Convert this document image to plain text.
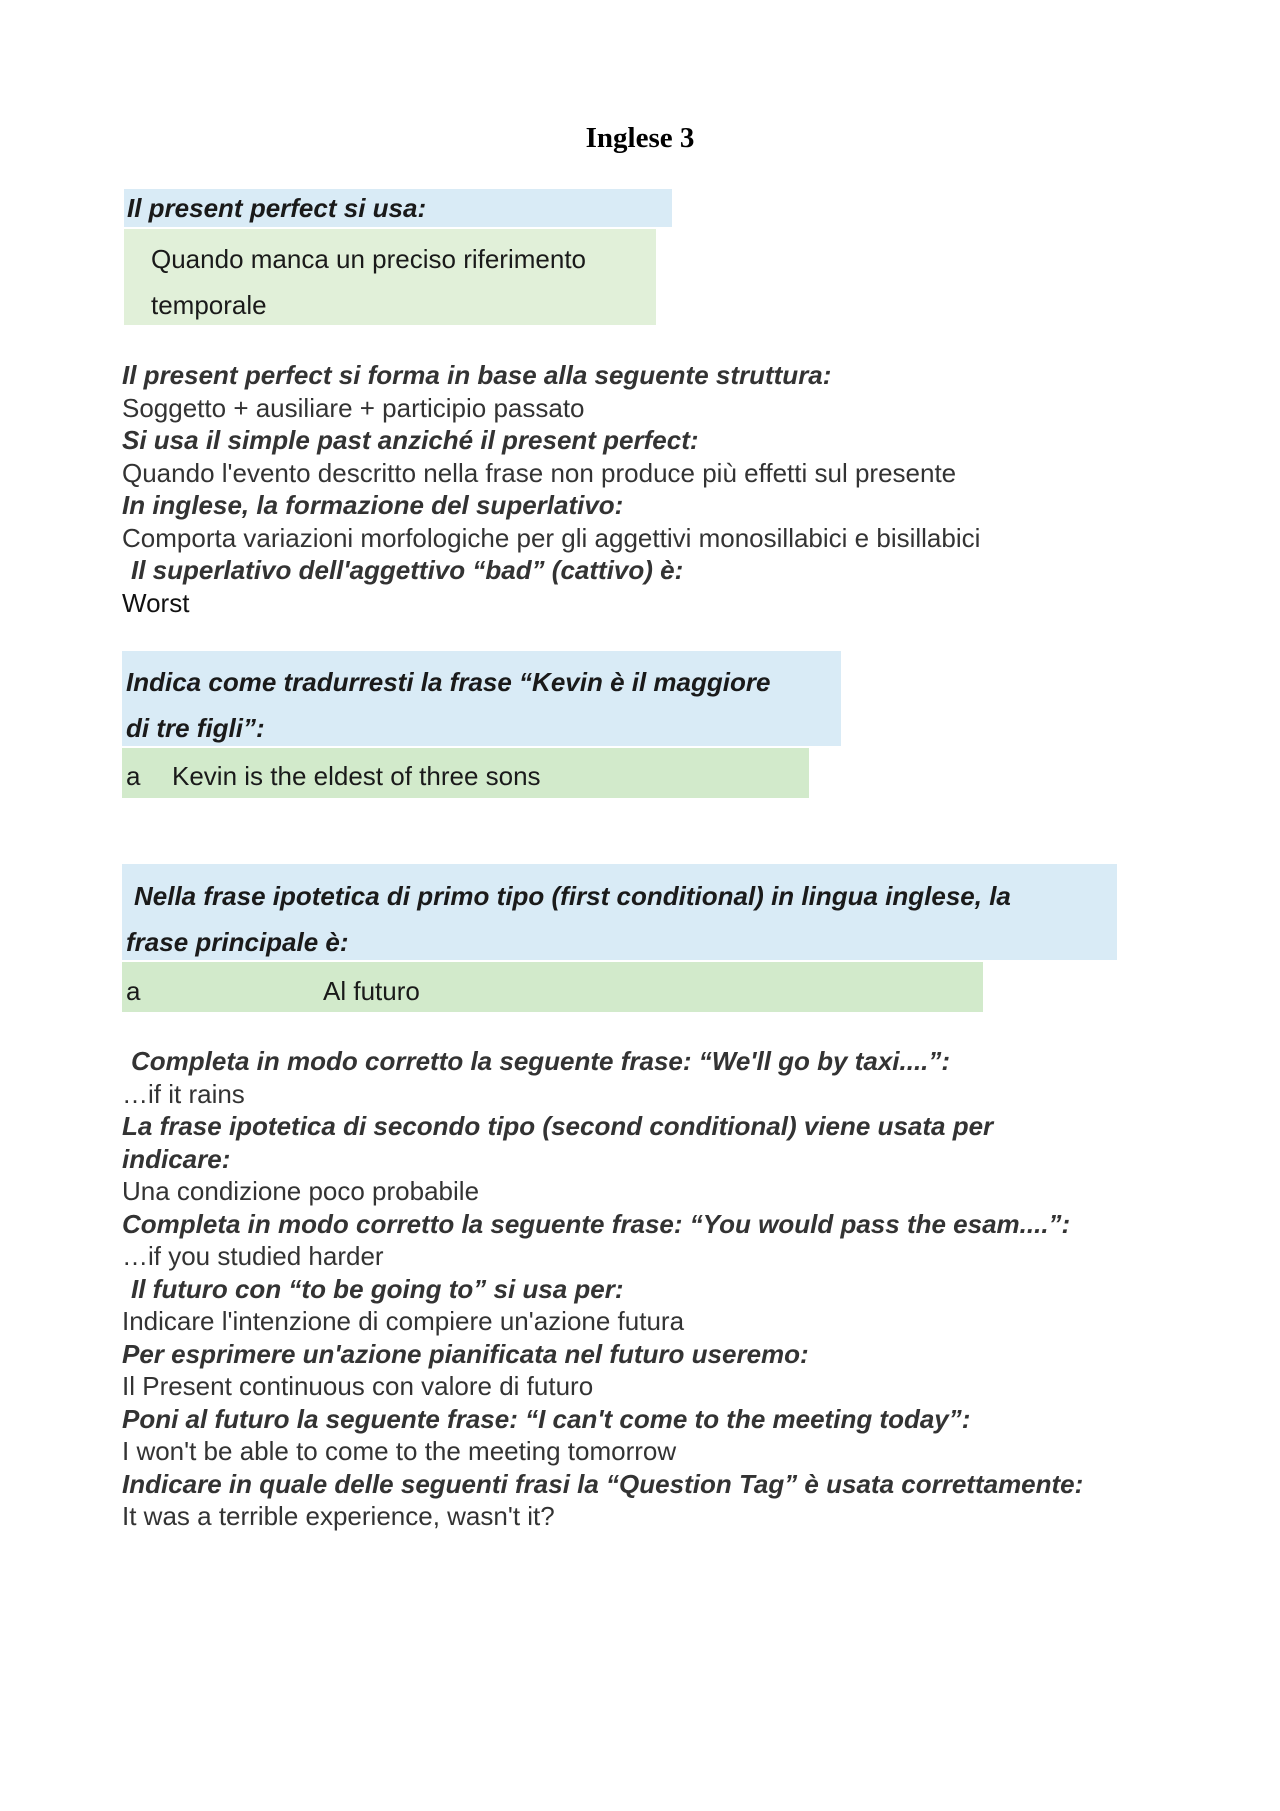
Inglese 3
Il present perfect si usa:
Quando manca un preciso riferimento
temporale
Il present perfect si forma in base alla seguente struttura:
Soggetto + ausiliare + participio passato
Si usa il simple past anziché il present perfect:
Quando l'evento descritto nella frase non produce più effetti sul presente
In inglese, la formazione del superlativo:
Comporta variazioni morfologiche per gli aggettivi monosillabici e bisillabici
Il superlativo dell'aggettivo “bad” (cattivo) è:
Worst
Indica come tradurresti la frase “Kevin è il maggiore
di tre figli”:
a Kevin is the eldest of three sons
Nella frase ipotetica di primo tipo (first conditional) in lingua inglese, la
frase principale è:
a	Al futuro
Completa in modo corretto la seguente frase: “We'll go by taxi....”:
…if it rains
La frase ipotetica di secondo tipo (second conditional) viene usata per
indicare:
Una condizione poco probabile
Completa in modo corretto la seguente frase: “You would pass the esam....”:
…if you studied harder
Il futuro con “to be going to” si usa per:
Indicare l'intenzione di compiere un'azione futura
Per esprimere un'azione pianificata nel futuro useremo:
Il Present continuous con valore di futuro
Poni al futuro la seguente frase: “I can't come to the meeting today”:
I won't be able to come to the meeting tomorrow
Indicare in quale delle seguenti frasi la “Question Tag” è usata correttamente:
It was a terrible experience, wasn't it?
